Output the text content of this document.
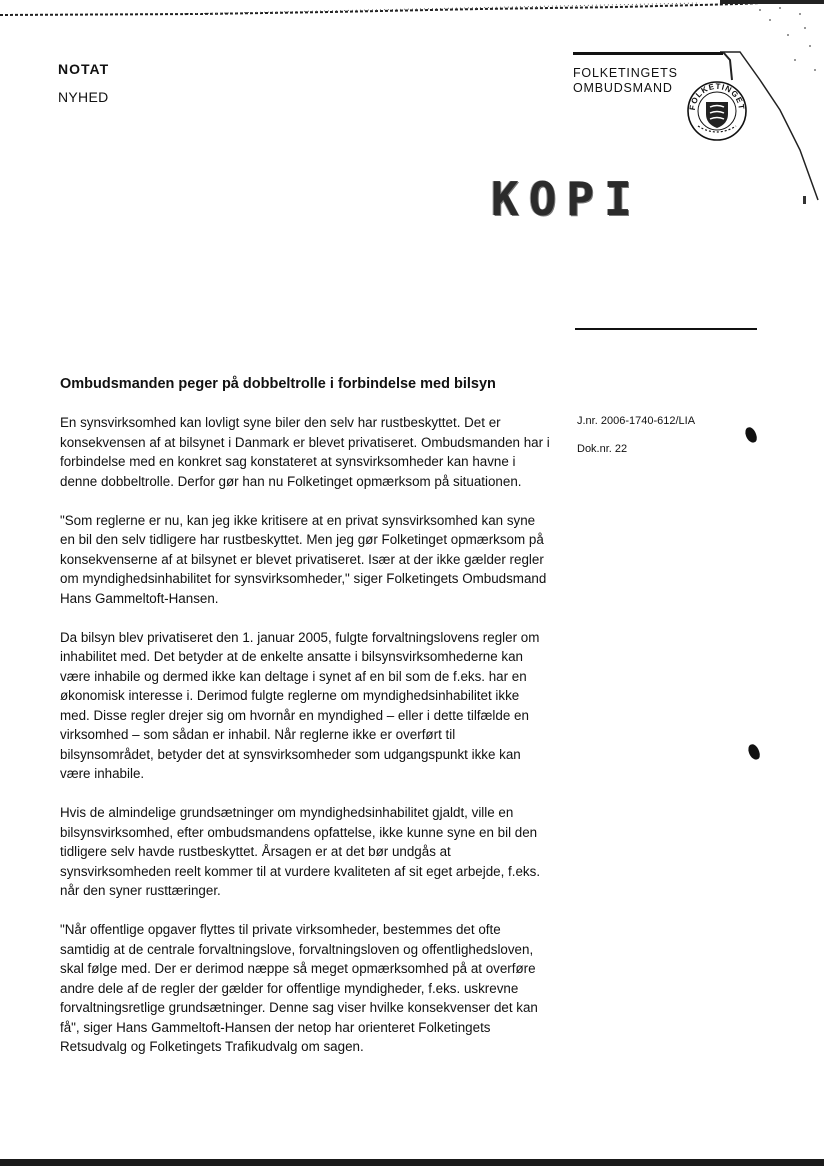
NOTAT
NYHED
FOLKETINGETS
OMBUDSMAND
FOLKETINGET
KOPI
Ombudsmanden peger på dobbeltrolle i forbindelse med bilsyn
J.nr. 2006-1740-612/LIA
Dok.nr. 22

En synsvirksomhed kan lovligt syne biler den selv har rustbeskyttet. Det er konsekvensen af at bilsynet i Danmark er blevet privatiseret. Ombudsmanden har i forbindelse med en konkret sag konstateret at synsvirksomheder kan havne i denne dobbeltrolle. Derfor gør han nu Folketinget opmærksom på situationen.

"Som reglerne er nu, kan jeg ikke kritisere at en privat synsvirksomhed kan syne en bil den selv tidligere har rustbeskyttet. Men jeg gør Folketinget opmærksom på konsekvenserne af at bilsynet er blevet privatiseret. Især at der ikke gælder regler om myndighedsinhabilitet for synsvirksomheder," siger Folketingets Ombudsmand Hans Gammeltoft-Hansen.

Da bilsyn blev privatiseret den 1. januar 2005, fulgte forvaltningslovens regler om inhabilitet med. Det betyder at de enkelte ansatte i bilsynsvirksomhederne kan være inhabile og dermed ikke kan deltage i synet af en bil som de f.eks. har en økonomisk interesse i. Derimod fulgte reglerne om myndighedsinhabilitet ikke med. Disse regler drejer sig om hvornår en myndighed – eller i dette tilfælde en virksomhed – som sådan er inhabil. Når reglerne ikke er overført til bilsynsområdet, betyder det at synsvirksomheder som udgangspunkt ikke kan være inhabile.

Hvis de almindelige grundsætninger om myndighedsinhabilitet gjaldt, ville en bilsynsvirksomhed, efter ombudsmandens opfattelse, ikke kunne syne en bil den tidligere selv havde rustbeskyttet. Årsagen er at det bør undgås at synsvirksomheden reelt kommer til at vurdere kvaliteten af sit eget arbejde, f.eks. når den syner rusttæringer.

"Når offentlige opgaver flyttes til private virksomheder, bestemmes det ofte samtidig at de centrale forvaltningslove, forvaltningsloven og offentlighedsloven, skal følge med. Der er derimod næppe så meget opmærksomhed på at overføre andre dele af de regler der gælder for offentlige myndigheder, f.eks. uskrevne forvaltningsretlige grundsætninger. Denne sag viser hvilke konsekvenser det kan få", siger Hans Gammeltoft-Hansen der netop har orienteret Folketingets Retsudvalg og Folketingets Trafikudvalg om sagen.
